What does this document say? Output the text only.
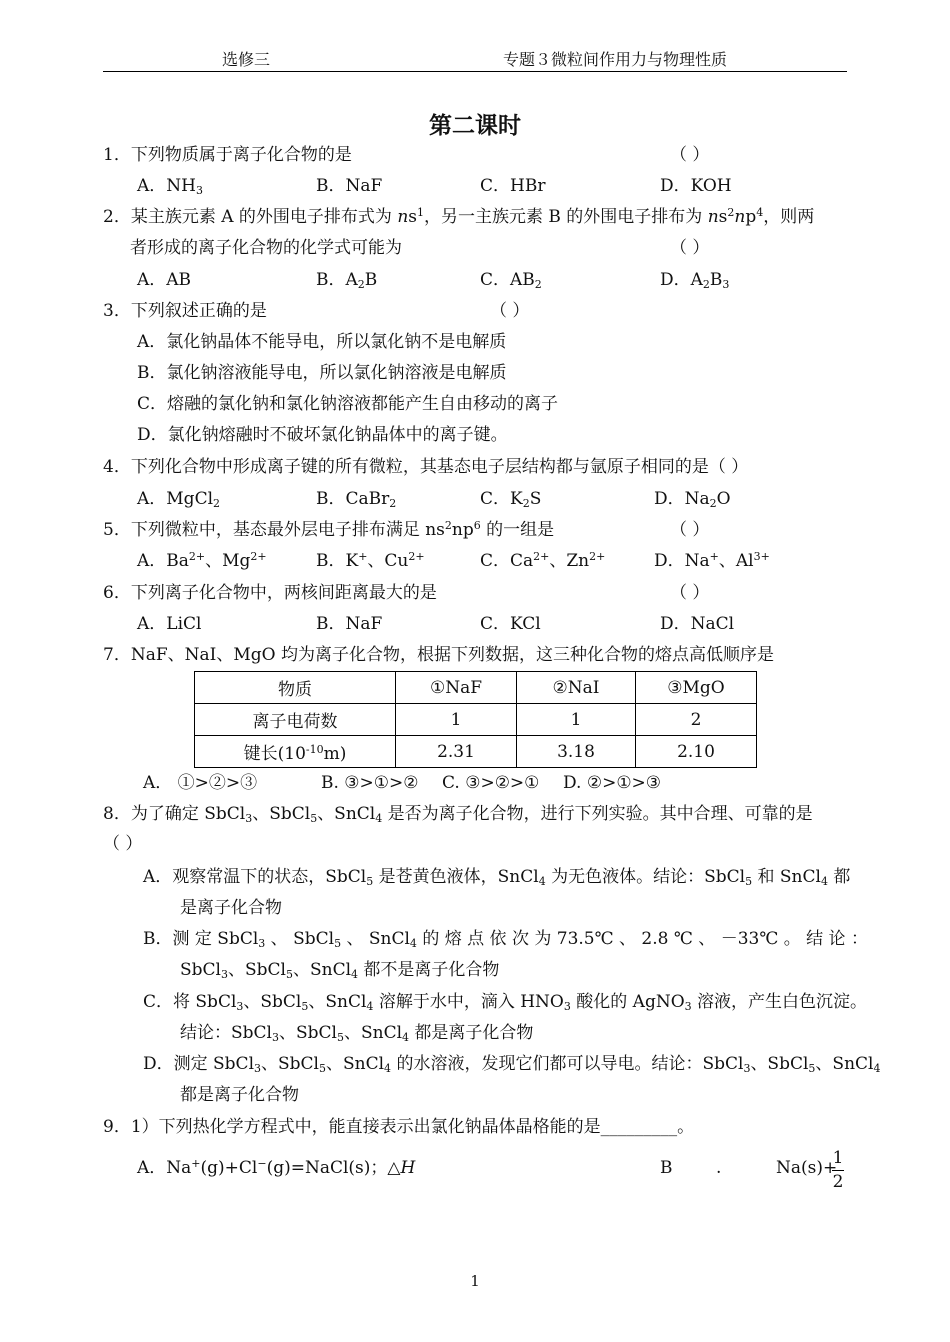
选修三	专题３微粒间作用力与物理性质
第二课时
1．下列物质属于离子化合物的是	（ ）
A．$NH_3$	B．NaF	C．HBr	D．KOH
2．某主族元素 A 的外围电子排布式为 $ns^1$，另一主族元素 B 的外围电子排布为 $ns^2np^4$，则两
者形成的离子化合物的化学式可能为	（ ）
A．AB	B．$A_2B$	C．$AB_2$	D．$A_2B_3$
3．下列叙述正确的是	（ ）
A．氯化钠晶体不能导电，所以氯化钠不是电解质
B．氯化钠溶液能导电，所以氯化钠溶液是电解质
C．熔融的氯化钠和氯化钠溶液都能产生自由移动的离子
D．氯化钠熔融时不破坏氯化钠晶体中的离子键。
4．下列化合物中形成离子键的所有微粒，其基态电子层结构都与氩原子相同的是（ ）
A．MgCl$_2$	B．CaBr$_2$	C．$K_2S$	D．$Na_2O$
5．下列微粒中，基态最外层电子排布满足 $ns^2np^6$ 的一组是	（ ）
A．$Ba^{2+}$、$Mg^{2+}$	B．K+、$Cu^{2+}$	C．$Ca^{2+}$、$Zn^{2+}$	D．Na+、$Al^{3+}$
6．下列离子化合物中，两核间距离最大的是	（ ）
A．LiCl	B．NaF	C．KCl	D．NaCl
7．NaF、NaI、MgO 均为离子化合物，根据下列数据，这三种化合物的熔点高低顺序是
A． ①>②>③	B. ③>①>② C. ③>②>① D. ②>①>③
8．为了确定 SbCl$_3$、SbCl$_5$、SnCl$_4$ 是否为离子化合物，进行下列实验。其中合理、可靠的是
（ ）
A．观察常温下的状态，SbCl$_5$ 是苍黄色液体，SnCl$_4$ 为无色液体。结论：SbCl$_5$ 和 SnCl$_4$ 都
是离子化合物
B．测 定 SbCl$_3$ 、 SbCl$_5$ 、 SnCl$_4$ 的 熔 点 依 次 为 73.5℃ 、 2.8 ℃ 、 －33℃ 。 结 论 ：
SbCl$_3$、SbCl$_5$、SnCl$_4$ 都不是离子化合物
C．将 SbCl$_3$、SbCl$_5$、SnCl$_4$ 溶解于水中，滴入 $HNO_3$ 酸化的 AgNO$_3$ 溶液，产生白色沉淀。
结论：SbCl$_3$、SbCl$_5$、SnCl$_4$ 都是离子化合物
D．测定 SbCl$_3$、SbCl$_5$、SnCl$_4$ 的水溶液，发现它们都可以导电。结论：SbCl$_3$、SbCl$_5$、SnCl$_4$
都是离子化合物
9．1）下列热化学方程式中，能直接表示出氯化钠晶体晶格能的是_________。
A．Na+(g)+Cl−(g)=NaCl(s)；△H	B	.	Na(s)+
物质	①NaF	②NaI	③MgO
离子电荷数	1	1	2
键长$(10^{-10}m)$	2.31	3.18	2.10
1
2
1
